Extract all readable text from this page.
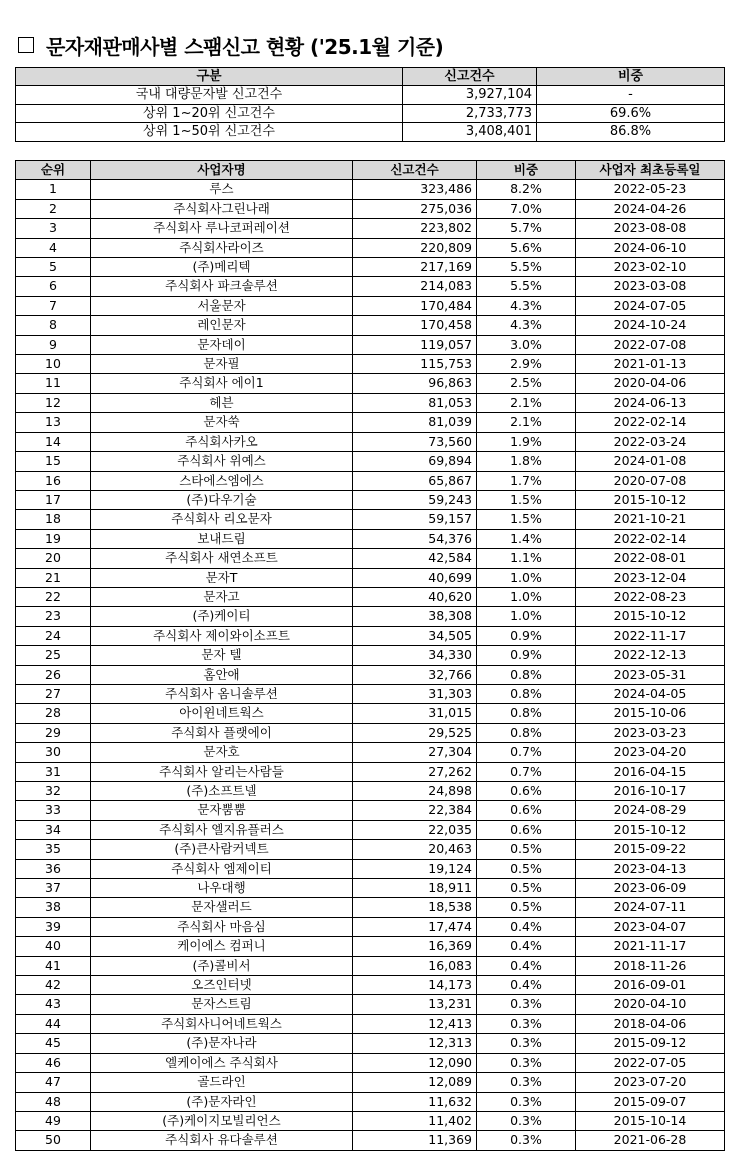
문자재판매사별 스팸신고 현황 ('25.1월 기준)
구분	신고건수	비중
국내 대량문자발 신고건수	3,927,104	-
상위 1~20위 신고건수	2,733,773	69.6%
상위 1~50위 신고건수	3,408,401	86.8%
순위	사업자명	신고건수	비중	사업자 최초등록일
1	루스	323,486	8.2%	2022-05-23
2	주식회사그린나래	275,036	7.0%	2024-04-26
3	주식회사 루나코퍼레이션	223,802	5.7%	2023-08-08
4	주식회사라이즈	220,809	5.6%	2024-06-10
5	(주)메리텍	217,169	5.5%	2023-02-10
6	주식회사 파크솔루션	214,083	5.5%	2023-03-08
7	서울문자	170,484	4.3%	2024-07-05
8	레인문자	170,458	4.3%	2024-10-24
9	문자데이	119,057	3.0%	2022-07-08
10	문자필	115,753	2.9%	2021-01-13
11	주식회사 에이1	96,863	2.5%	2020-04-06
12	헤븐	81,053	2.1%	2024-06-13
13	문자쑥	81,039	2.1%	2022-02-14
14	주식회사카오	73,560	1.9%	2022-03-24
15	주식회사 위예스	69,894	1.8%	2024-01-08
16	스타에스엠에스	65,867	1.7%	2020-07-08
17	(주)다우기술	59,243	1.5%	2015-10-12
18	주식회사 리오문자	59,157	1.5%	2021-10-21
19	보내드림	54,376	1.4%	2022-02-14
20	주식회사 새연소프트	42,584	1.1%	2022-08-01
21	문자T	40,699	1.0%	2023-12-04
22	문자고	40,620	1.0%	2022-08-23
23	(주)케이티	38,308	1.0%	2015-10-12
24	주식회사 제이와이소프트	34,505	0.9%	2022-11-17
25	문자 텔	34,330	0.9%	2022-12-13
26	홈안애	32,766	0.8%	2023-05-31
27	주식회사 옴니솔루션	31,303	0.8%	2024-04-05
28	아이윈네트웍스	31,015	0.8%	2015-10-06
29	주식회사 플랫에이	29,525	0.8%	2023-03-23
30	문자호	27,304	0.7%	2023-04-20
31	주식회사 알리는사람들	27,262	0.7%	2016-04-15
32	(주)소프트넬	24,898	0.6%	2016-10-17
33	문자뿜뿜	22,384	0.6%	2024-08-29
34	주식회사 엘지유플러스	22,035	0.6%	2015-10-12
35	(주)큰사람커넥트	20,463	0.5%	2015-09-22
36	주식회사 엠제이티	19,124	0.5%	2023-04-13
37	나우대행	18,911	0.5%	2023-06-09
38	문자샐러드	18,538	0.5%	2024-07-11
39	주식회사 마음심	17,474	0.4%	2023-04-07
40	케이에스 컴퍼니	16,369	0.4%	2021-11-17
41	(주)콜비서	16,083	0.4%	2018-11-26
42	오즈인터넷	14,173	0.4%	2016-09-01
43	문자스트림	13,231	0.3%	2020-04-10
44	주식회사니어네트웍스	12,413	0.3%	2018-04-06
45	(주)문자나라	12,313	0.3%	2015-09-12
46	엘케이에스 주식회사	12,090	0.3%	2022-07-05
47	골드라인	12,089	0.3%	2023-07-20
48	(주)문자라인	11,632	0.3%	2015-09-07
49	(주)케이지모빌리언스	11,402	0.3%	2015-10-14
50	주식회사 유다솔루션	11,369	0.3%	2021-06-28
